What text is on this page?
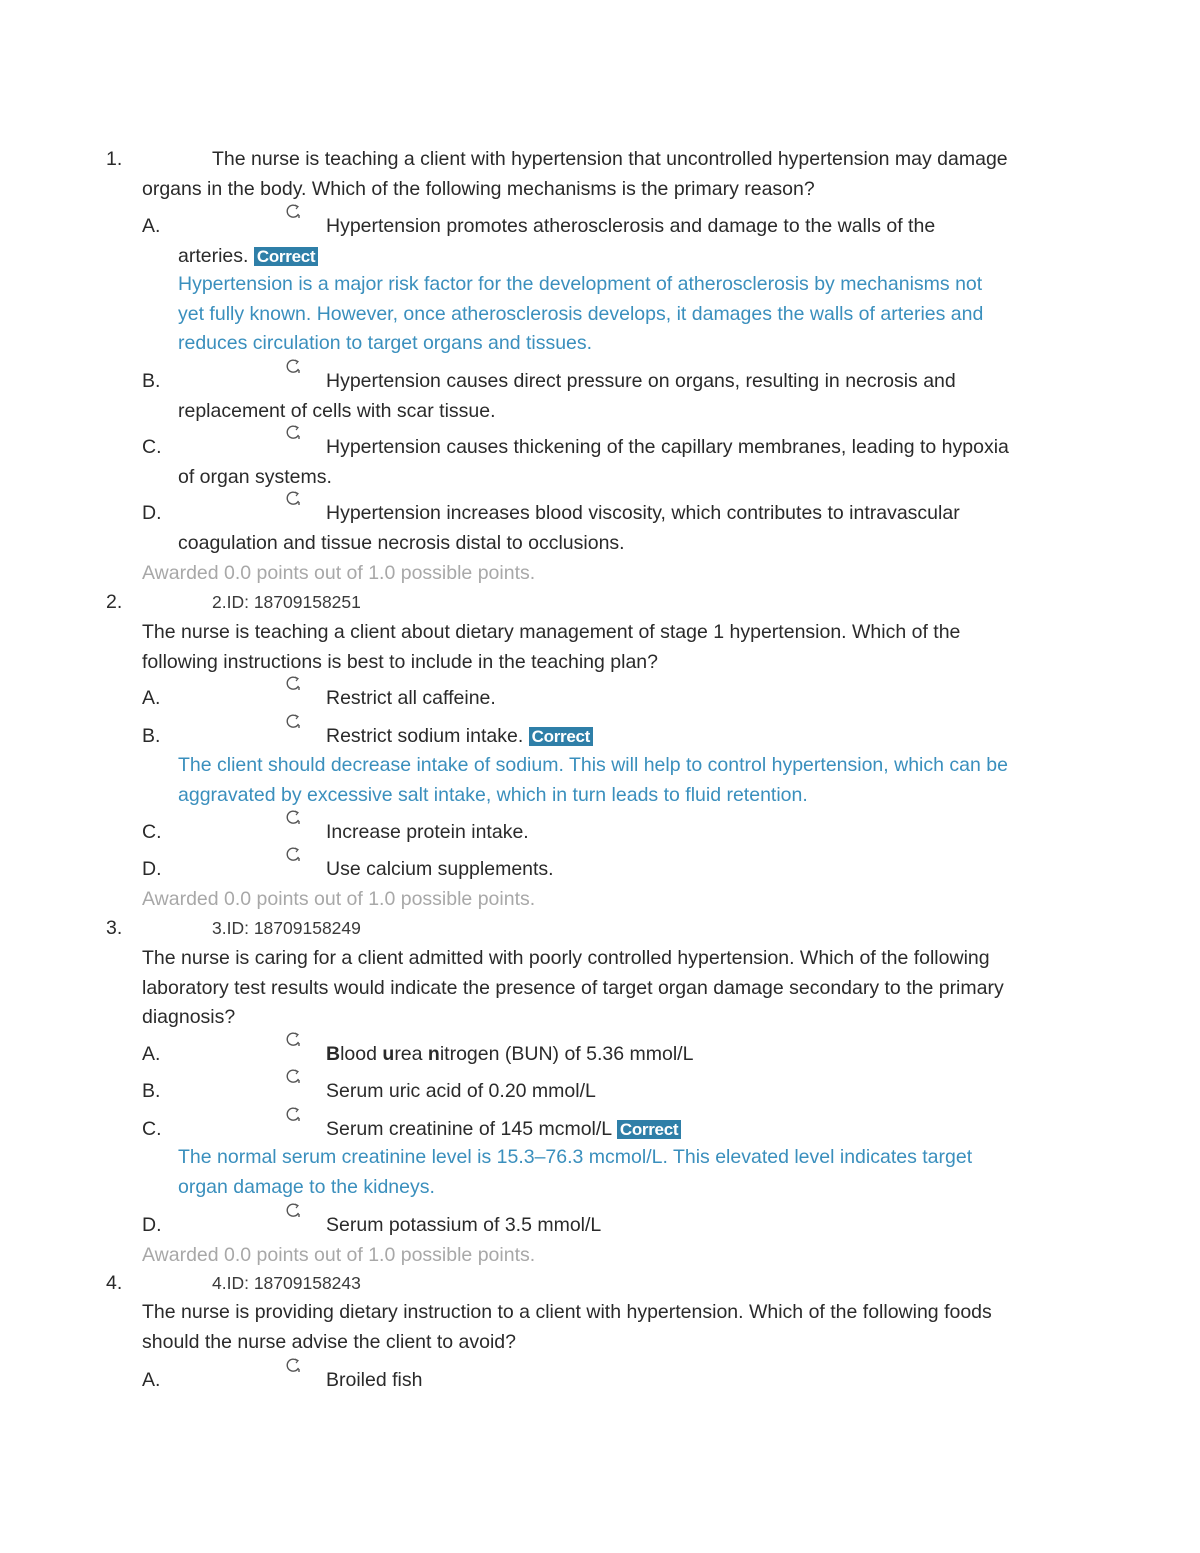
1.	The nurse is teaching a client with hypertension that uncontrolled hypertension may damage
organs in the body. Which of the following mechanisms is the primary reason?
A.	Hypertension promotes atherosclerosis and damage to the walls of the
arteries. Correct
Hypertension is a major risk factor for the development of atherosclerosis by mechanisms not
yet fully known. However, once atherosclerosis develops, it damages the walls of arteries and
reduces circulation to target organs and tissues.
B.	Hypertension causes direct pressure on organs, resulting in necrosis and
replacement of cells with scar tissue.
C.	Hypertension causes thickening of the capillary membranes, leading to hypoxia
of organ systems.
D.	Hypertension increases blood viscosity, which contributes to intravascular
coagulation and tissue necrosis distal to occlusions.
Awarded 0.0 points out of 1.0 possible points.
2.	2.ID: 18709158251
The nurse is teaching a client about dietary management of stage 1 hypertension. Which of the
following instructions is best to include in the teaching plan?
A.	Restrict all caffeine.
B.	Restrict sodium intake. Correct
The client should decrease intake of sodium. This will help to control hypertension, which can be
aggravated by excessive salt intake, which in turn leads to fluid retention.
C.	Increase protein intake.
D.	Use calcium supplements.
Awarded 0.0 points out of 1.0 possible points.
3.	3.ID: 18709158249
The nurse is caring for a client admitted with poorly controlled hypertension. Which of the following
laboratory test results would indicate the presence of target organ damage secondary to the primary
diagnosis?
A.	Blood urea nitrogen (BUN) of 5.36 mmol/L
B.	Serum uric acid of 0.20 mmol/L
C.	Serum creatinine of 145 mcmol/L Correct
The normal serum creatinine level is 15.3–76.3 mcmol/L. This elevated level indicates target
organ damage to the kidneys.
D.	Serum potassium of 3.5 mmol/L
Awarded 0.0 points out of 1.0 possible points.
4.	4.ID: 18709158243
The nurse is providing dietary instruction to a client with hypertension. Which of the following foods
should the nurse advise the client to avoid?
A.	Broiled fish
